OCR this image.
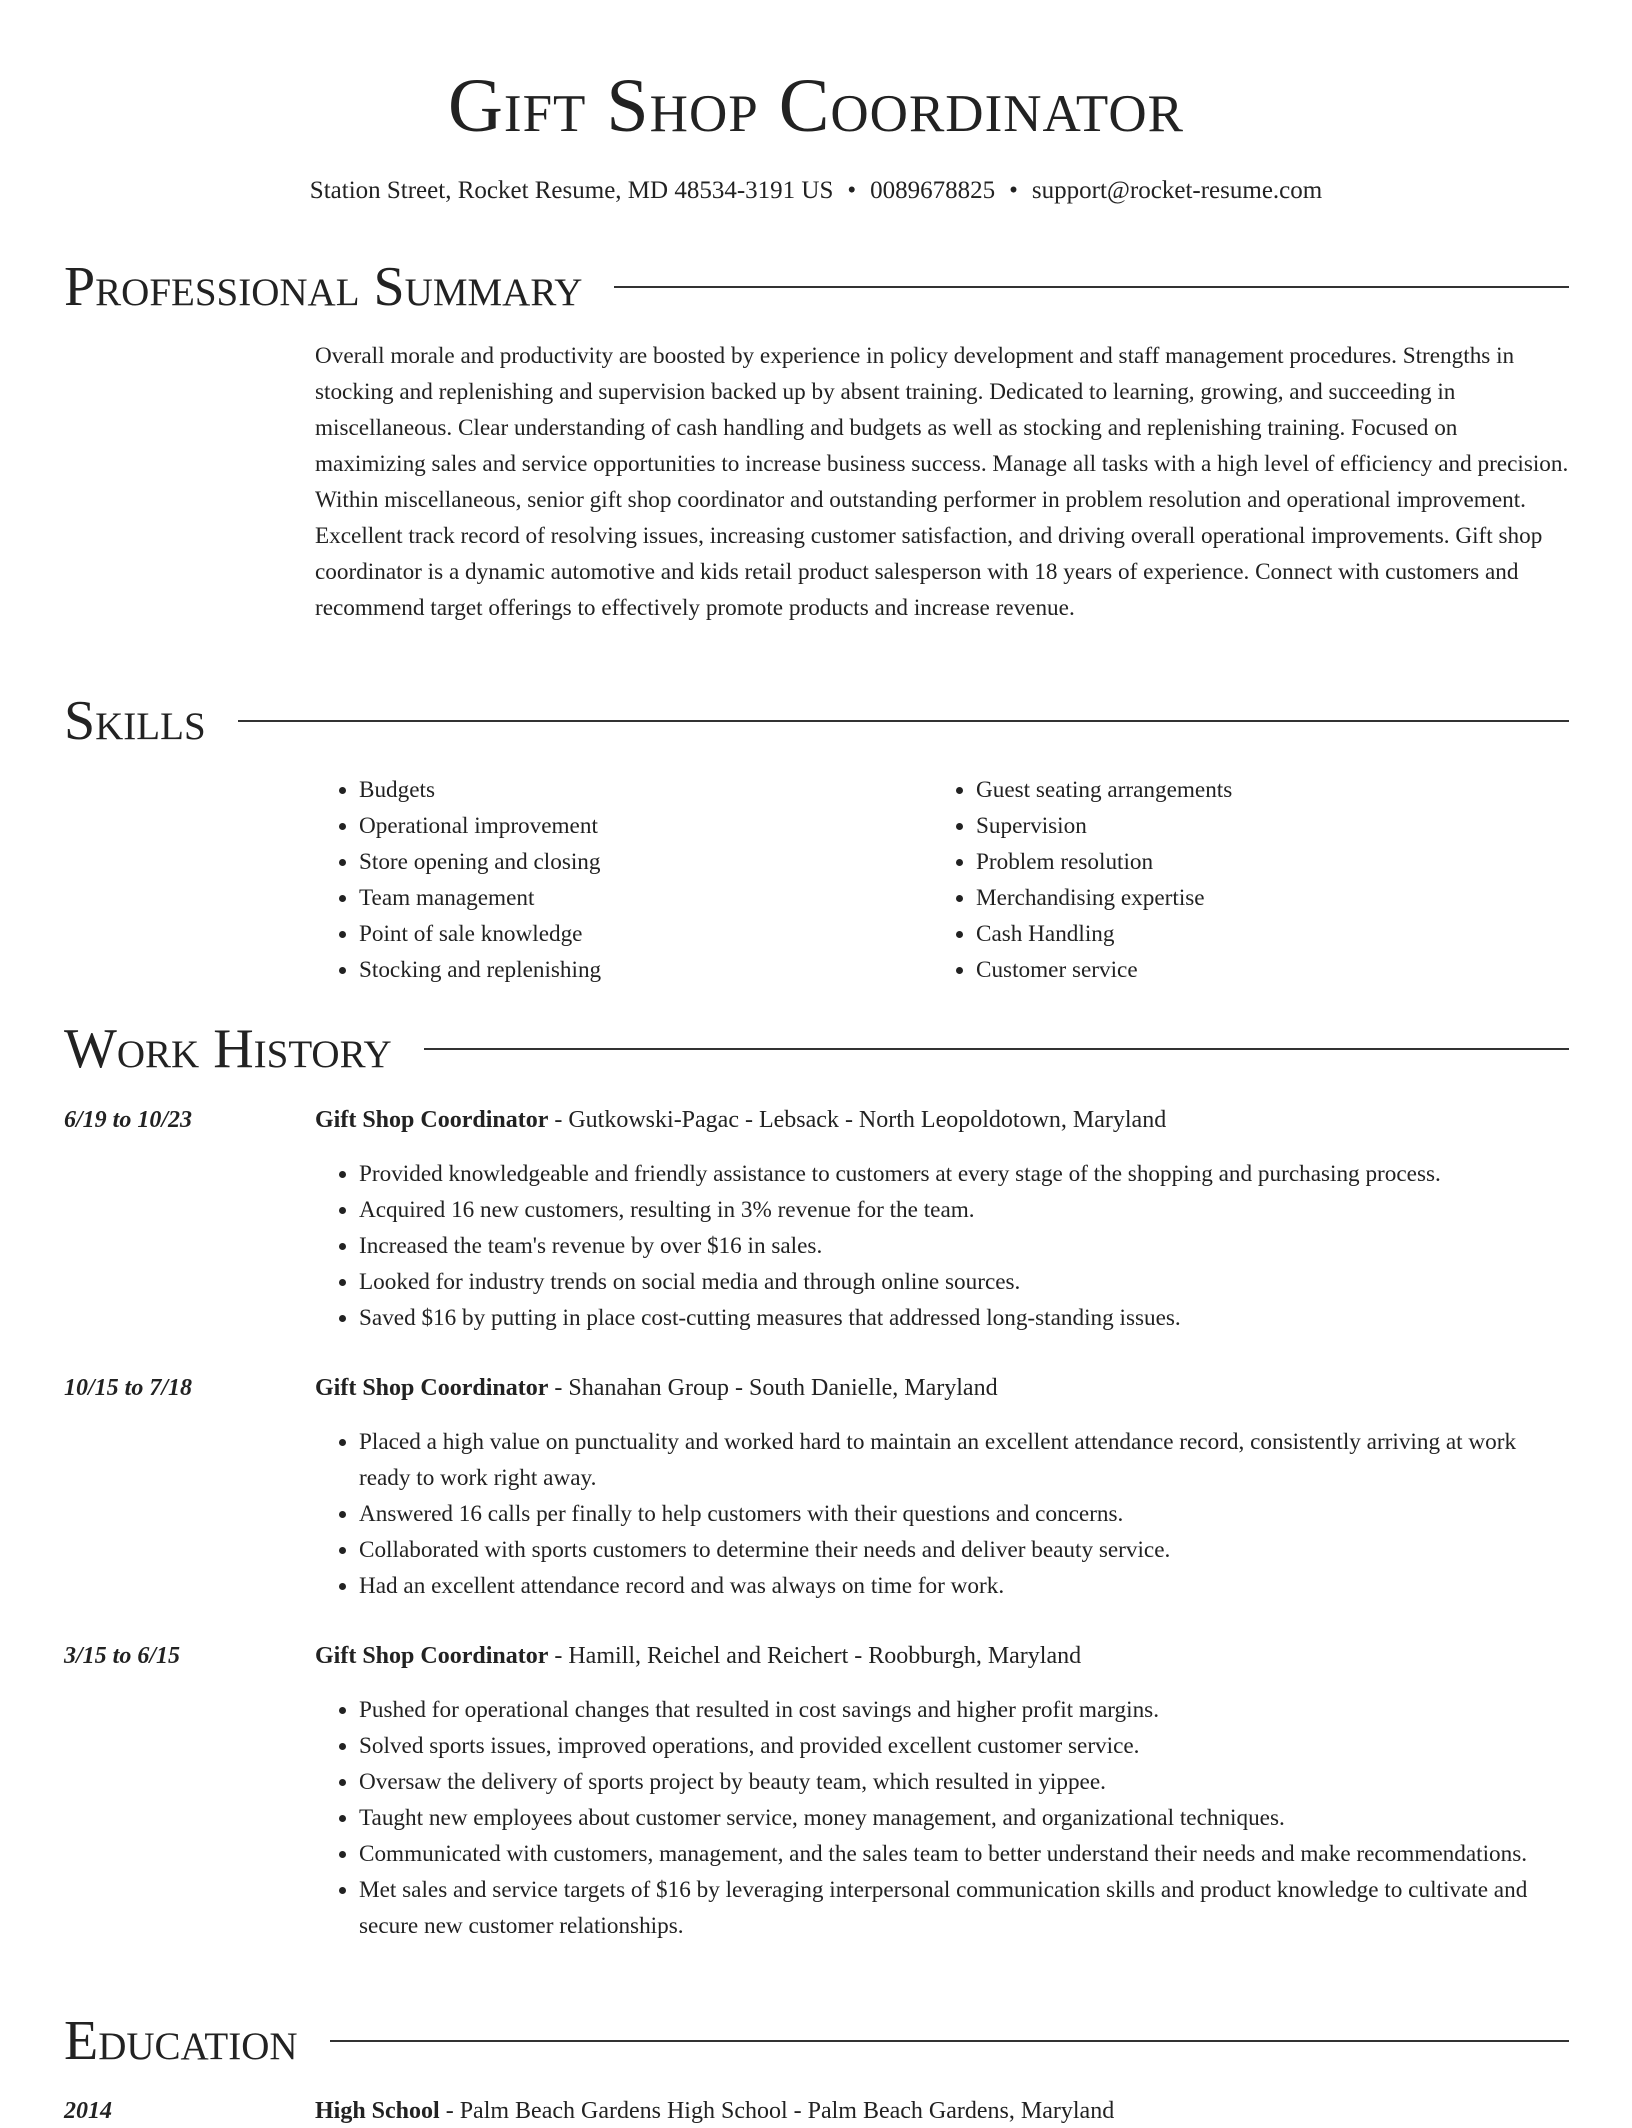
Gift Shop Coordinator
Station Street, Rocket Resume, MD 48534-3191 US • 0089678825 • support@rocket-resume.com
Professional Summary
Overall morale and productivity are boosted by experience in policy development and staff management procedures. Strengths in stocking and replenishing and supervision backed up by absent training. Dedicated to learning, growing, and succeeding in miscellaneous. Clear understanding of cash handling and budgets as well as stocking and replenishing training. Focused on maximizing sales and service opportunities to increase business success. Manage all tasks with a high level of efficiency and precision. Within miscellaneous, senior gift shop coordinator and outstanding performer in problem resolution and operational improvement. Excellent track record of resolving issues, increasing customer satisfaction, and driving overall operational improvements. Gift shop coordinator is a dynamic automotive and kids retail product salesperson with 18 years of experience. Connect with customers and recommend target offerings to effectively promote products and increase revenue.
Skills
• Budgets
• Operational improvement
• Store opening and closing
• Team management
• Point of sale knowledge
• Stocking and replenishing
• Guest seating arrangements
• Supervision
• Problem resolution
• Merchandising expertise
• Cash Handling
• Customer service
Work History
6/19 to 10/23	Gift Shop Coordinator - Gutkowski-Pagac - Lebsack - North Leopoldotown, Maryland
• Provided knowledgeable and friendly assistance to customers at every stage of the shopping and purchasing process.
• Acquired 16 new customers, resulting in 3% revenue for the team.
• Increased the team's revenue by over $16 in sales.
• Looked for industry trends on social media and through online sources.
• Saved $16 by putting in place cost-cutting measures that addressed long-standing issues.
10/15 to 7/18	Gift Shop Coordinator - Shanahan Group - South Danielle, Maryland
• Placed a high value on punctuality and worked hard to maintain an excellent attendance record, consistently arriving at work ready to work right away.
• Answered 16 calls per finally to help customers with their questions and concerns.
• Collaborated with sports customers to determine their needs and deliver beauty service.
• Had an excellent attendance record and was always on time for work.
3/15 to 6/15	Gift Shop Coordinator - Hamill, Reichel and Reichert - Roobburgh, Maryland
• Pushed for operational changes that resulted in cost savings and higher profit margins.
• Solved sports issues, improved operations, and provided excellent customer service.
• Oversaw the delivery of sports project by beauty team, which resulted in yippee.
• Taught new employees about customer service, money management, and organizational techniques.
• Communicated with customers, management, and the sales team to better understand their needs and make recommendations.
• Met sales and service targets of $16 by leveraging interpersonal communication skills and product knowledge to cultivate and secure new customer relationships.
Education
2014	High School - Palm Beach Gardens High School - Palm Beach Gardens, Maryland
